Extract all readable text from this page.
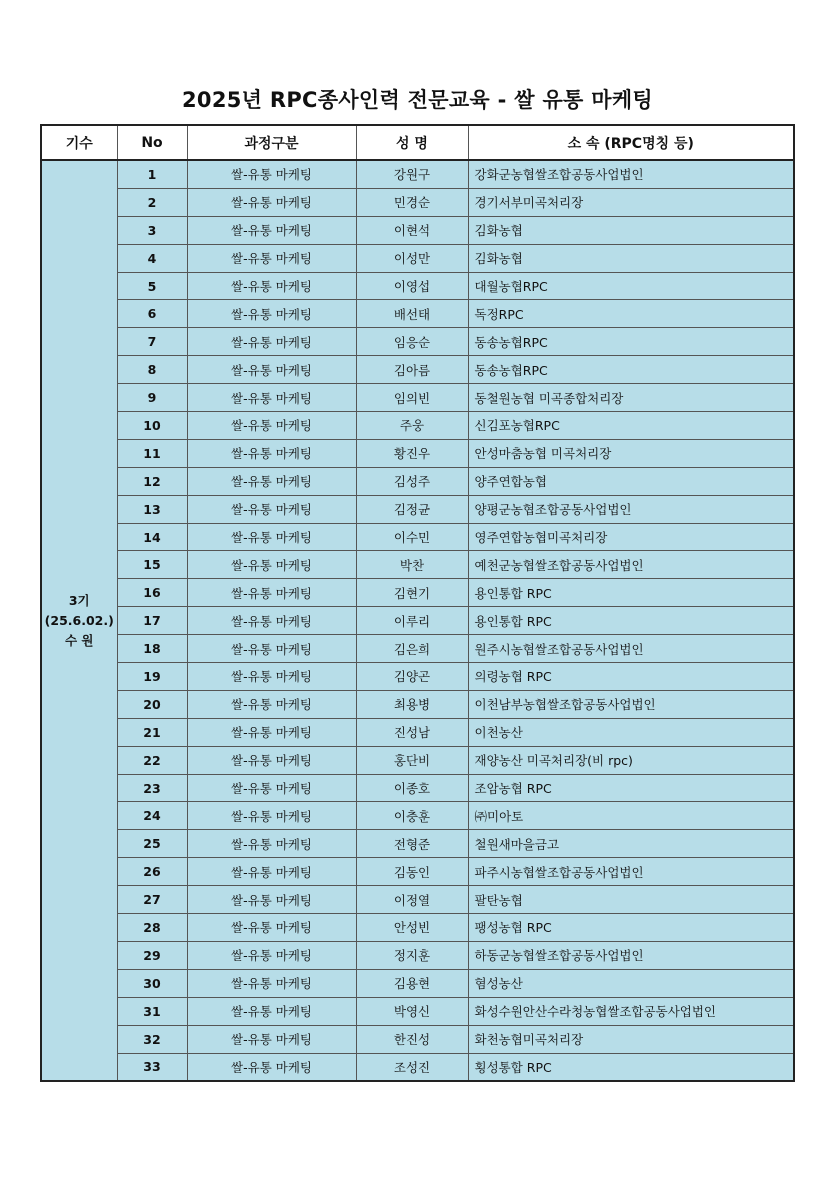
2025년 RPC종사인력 전문교육 - 쌀 유통 마케팅
기수	No	과정구분	성 명	소 속 (RPC명칭 등)

3기
(25.6.02.)
수 원	1	쌀-유통 마케팅	강원구	강화군농협쌀조합공동사업법인
	2	쌀-유통 마케팅	민경순	경기서부미곡처리장
	3	쌀-유통 마케팅	이현석	김화농협
	4	쌀-유통 마케팅	이성만	김화농협
	5	쌀-유통 마케팅	이영섭	대월농협RPC
	6	쌀-유통 마케팅	배선태	독정RPC
	7	쌀-유통 마케팅	임응순	동송농협RPC
	8	쌀-유통 마케팅	김아름	동송농협RPC
	9	쌀-유통 마케팅	임의빈	동철원농협 미곡종합처리장
	10	쌀-유통 마케팅	주웅	신김포농협RPC
	11	쌀-유통 마케팅	황진우	안성마춤농협 미곡처리장
	12	쌀-유통 마케팅	김성주	양주연합농협
	13	쌀-유통 마케팅	김정균	양평군농협조합공동사업법인
	14	쌀-유통 마케팅	이수민	영주연합농협미곡처리장
	15	쌀-유통 마케팅	박찬	예천군농협쌀조합공동사업법인
	16	쌀-유통 마케팅	김현기	용인통합 RPC
	17	쌀-유통 마케팅	이루리	용인통합 RPC
	18	쌀-유통 마케팅	김은희	원주시농협쌀조합공동사업법인
	19	쌀-유통 마케팅	김양곤	의령농협 RPC
	20	쌀-유통 마케팅	최용병	이천남부농협쌀조합공동사업법인
	21	쌀-유통 마케팅	진성남	이천농산
	22	쌀-유통 마케팅	홍단비	재양농산 미곡처리장(비 rpc)
	23	쌀-유통 마케팅	이종호	조암농협 RPC
	24	쌀-유통 마케팅	이충훈	㈜미아토
	25	쌀-유통 마케팅	전형준	철원새마을금고
	26	쌀-유통 마케팅	김동인	파주시농협쌀조합공동사업법인
	27	쌀-유통 마케팅	이정열	팔탄농협
	28	쌀-유통 마케팅	안성빈	팽성농협 RPC
	29	쌀-유통 마케팅	정지훈	하동군농협쌀조합공동사업법인
	30	쌀-유통 마케팅	김용현	혐성농산
	31	쌀-유통 마케팅	박영신	화성수원안산수라청농협쌀조합공동사업법인
	32	쌀-유통 마케팅	한진성	화천농협미곡처리장
	33	쌀-유통 마케팅	조성진	횡성통합 RPC
